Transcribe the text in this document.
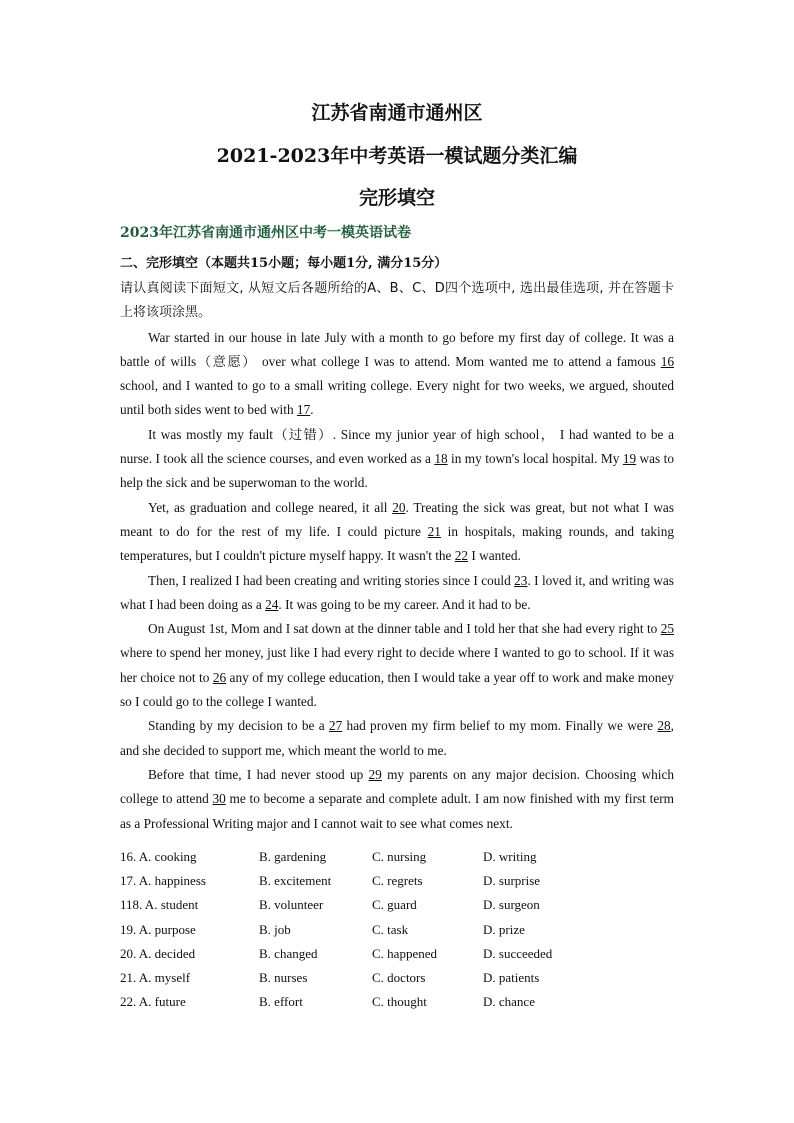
江苏省南通市通州区
2021-2023年中考英语一模试题分类汇编
完形填空
2023年江苏省南通市通州区中考一模英语试卷
二、完形填空（本题共15小题；每小题1分, 满分15分）

请认真阅读下面短文, 从短文后各题所给的A、B、C、D四个选项中, 选出最佳选项, 并在答题卡上将该项涂黑。

War started in our house in late July with a month to go before my first day of college. It was a battle of wills（意愿） over what college I was to attend. Mom wanted me to attend a famous 16 school, and I wanted to go to a small writing college. Every night for two weeks, we argued, shouted until both sides went to bed with 17.

It was mostly my fault（过错）. Since my junior year of high school， I had wanted to be a nurse. I took all the science courses, and even worked as a 18 in my town's local hospital. My 19 was to help the sick and be superwoman to the world.

Yet, as graduation and college neared, it all 20. Treating the sick was great, but not what I was meant to do for the rest of my life. I could picture 21 in hospitals, making rounds, and taking temperatures, but I couldn't picture myself happy. It wasn't the 22 I wanted.

Then, I realized I had been creating and writing stories since I could 23. I loved it, and writing was what I had been doing as a 24. It was going to be my career. And it had to be.

On August 1st, Mom and I sat down at the dinner table and I told her that she had every right to 25 where to spend her money, just like I had every right to decide where I wanted to go to school. If it was her choice not to 26 any of my college education, then I would take a year off to work and make money so I could go to the college I wanted.

Standing by my decision to be a 27 had proven my firm belief to my mom. Finally we were 28, and she decided to support me, which meant the world to me.

Before that time, I had never stood up 29 my parents on any major decision. Choosing which college to attend 30 me to become a separate and complete adult. I am now finished with my first term as a Professional Writing major and I cannot wait to see what comes next.

16. A. cooking	B. gardening	C. nursing	D. writing
17. A. happiness	B. excitement	C. regrets	D. surprise
118. A. student	B. volunteer	C. guard	D. surgeon
19. A. purpose	B. job	C. task	D. prize
20. A. decided	B. changed	C. happened	D. succeeded
21. A. myself	B. nurses	C. doctors	D. patients
22. A. future	B. effort	C. thought	D. chance
